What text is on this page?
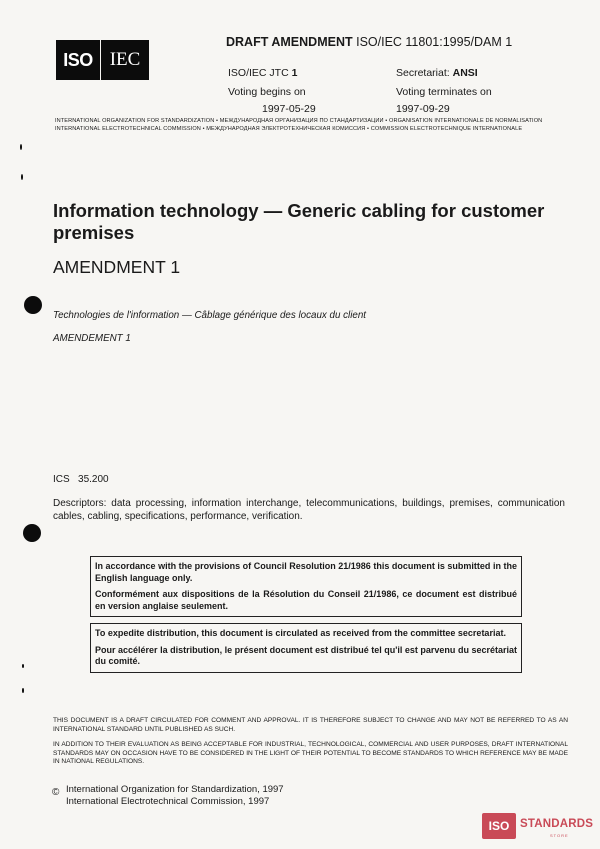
ISO IEC
DRAFT AMENDMENT ISO/IEC 11801:1995/DAM 1
ISO/IEC JTC 1	Secretariat: ANSI
Voting begins on	Voting terminates on
1997-05-29	1997-09-29
INTERNATIONAL ORGANIZATION FOR STANDARDIZATION • МЕЖДУНАРОДНАЯ ОРГАНИЗАЦИЯ ПО СТАНДАРТИЗАЦИИ • ORGANISATION INTERNATIONALE DE NORMALISATION
INTERNATIONAL ELECTROTECHNICAL COMMISSION • МЕЖДУНАРОДНАЯ ЭЛЕКТРОТЕХНИЧЕСКАЯ КОМИССИЯ • COMMISSION ELECTROTECHNIQUE INTERNATIONALE
Information technology — Generic cabling for customer premises
AMENDMENT 1
Technologies de l'information — Câblage générique des locaux du client
AMENDEMENT 1
ICS 35.200
Descriptors: data processing, information interchange, telecommunications, buildings, premises, communication cables, cabling, specifications, performance, verification.
In accordance with the provisions of Council Resolution 21/1986 this document is submitted in the English language only.
Conformément aux dispositions de la Résolution du Conseil 21/1986, ce document est distribué en version anglaise seulement.
To expedite distribution, this document is circulated as received from the committee secretariat.
Pour accélérer la distribution, le présent document est distribué tel qu'il est parvenu du secrétariat du comité.
THIS DOCUMENT IS A DRAFT CIRCULATED FOR COMMENT AND APPROVAL. IT IS THEREFORE SUBJECT TO CHANGE AND MAY NOT BE REFERRED TO AS AN INTERNATIONAL STANDARD UNTIL PUBLISHED AS SUCH.
IN ADDITION TO THEIR EVALUATION AS BEING ACCEPTABLE FOR INDUSTRIAL, TECHNOLOGICAL, COMMERCIAL AND USER PURPOSES, DRAFT INTERNATIONAL STANDARDS MAY ON OCCASION HAVE TO BE CONSIDERED IN THE LIGHT OF THEIR POTENTIAL TO BECOME STANDARDS TO WHICH REFERENCE MAY BE MADE IN NATIONAL REGULATIONS.
© International Organization for Standardization, 1997
International Electrotechnical Commission, 1997
ISO STANDARDS
STORE
